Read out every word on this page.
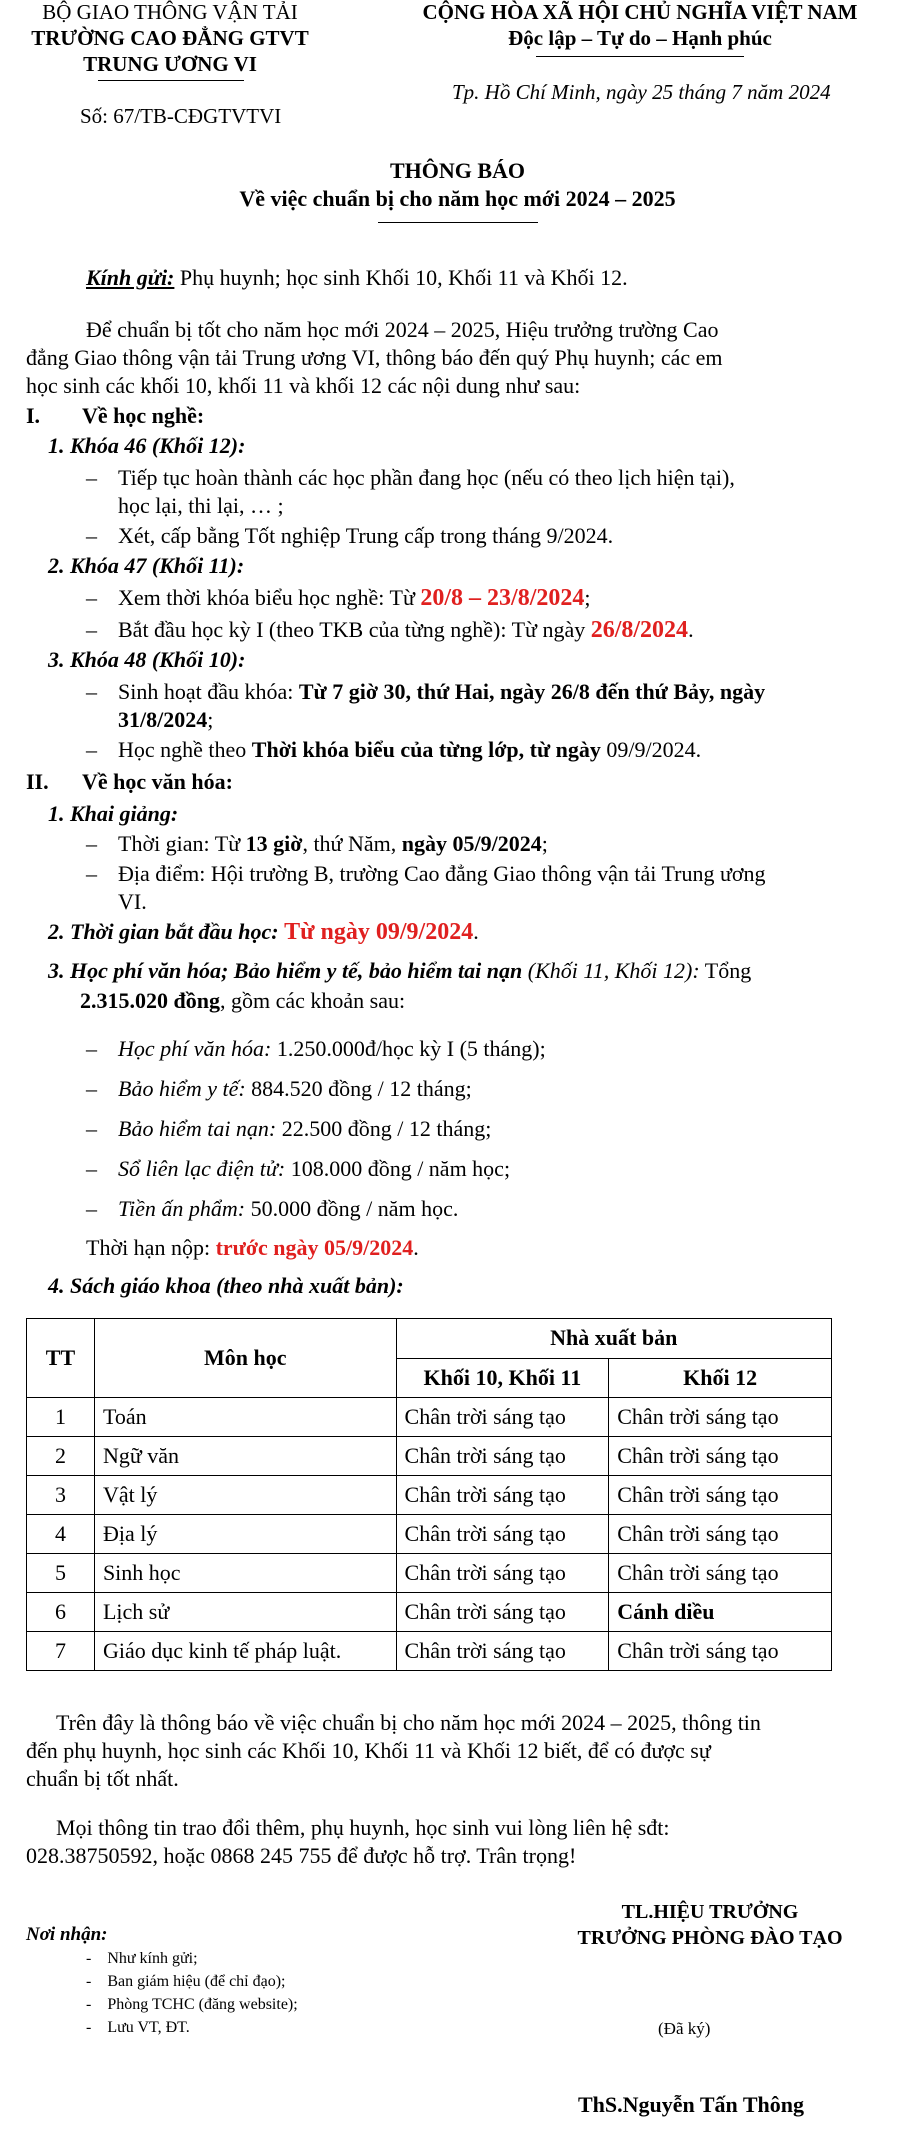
BỘ GIAO THÔNG VẬN TẢI
TRƯỜNG CAO ĐẲNG GTVT
TRUNG ƯƠNG VI
Số: 67/TB-CĐGTVTVI
CỘNG HÒA XÃ HỘI CHỦ NGHĨA VIỆT NAM
Độc lập – Tự do – Hạnh phúc
Tp. Hồ Chí Minh, ngày 25 tháng 7 năm 2024
THÔNG BÁO
Về việc chuẩn bị cho năm học mới 2024 – 2025
Kính gửi: Phụ huynh; học sinh Khối 10, Khối 11 và Khối 12.
Để chuẩn bị tốt cho năm học mới 2024 – 2025, Hiệu trưởng trường Cao
đẳng Giao thông vận tải Trung ương VI, thông báo đến quý Phụ huynh; các em
học sinh các khối 10, khối 11 và khối 12 các nội dung như sau:
I. Về học nghề:
1. Khóa 46 (Khối 12):
– Tiếp tục hoàn thành các học phần đang học (nếu có theo lịch hiện tại),
học lại, thi lại, … ;
– Xét, cấp bằng Tốt nghiệp Trung cấp trong tháng 9/2024.
2. Khóa 47 (Khối 11):
– Xem thời khóa biểu học nghề: Từ 20/8 – 23/8/2024;
– Bắt đầu học kỳ I (theo TKB của từng nghề): Từ ngày 26/8/2024.
3. Khóa 48 (Khối 10):
– Sinh hoạt đầu khóa: Từ 7 giờ 30, thứ Hai, ngày 26/8 đến thứ Bảy, ngày
31/8/2024;
– Học nghề theo Thời khóa biểu của từng lớp, từ ngày 09/9/2024.
II. Về học văn hóa:
1. Khai giảng:
– Thời gian: Từ 13 giờ, thứ Năm, ngày 05/9/2024;
– Địa điểm: Hội trường B, trường Cao đẳng Giao thông vận tải Trung ương
VI.
2. Thời gian bắt đầu học: Từ ngày 09/9/2024.
3. Học phí văn hóa; Bảo hiểm y tế, bảo hiểm tai nạn (Khối 11, Khối 12): Tổng
2.315.020 đồng, gồm các khoản sau:
– Học phí văn hóa: 1.250.000đ/học kỳ I (5 tháng);
– Bảo hiểm y tế: 884.520 đồng / 12 tháng;
– Bảo hiểm tai nạn: 22.500 đồng / 12 tháng;
– Sổ liên lạc điện tử: 108.000 đồng / năm học;
– Tiền ấn phẩm: 50.000 đồng / năm học.
Thời hạn nộp: trước ngày 05/9/2024.
4. Sách giáo khoa (theo nhà xuất bản):
TT	Môn học	Nhà xuất bản	
		Khối 10, Khối 11	Khối 12
1	Toán	Chân trời sáng tạo	Chân trời sáng tạo
2	Ngữ văn	Chân trời sáng tạo	Chân trời sáng tạo
3	Vật lý	Chân trời sáng tạo	Chân trời sáng tạo
4	Địa lý	Chân trời sáng tạo	Chân trời sáng tạo
5	Sinh học	Chân trời sáng tạo	Chân trời sáng tạo
6	Lịch sử	Chân trời sáng tạo	Cánh diều
7	Giáo dục kinh tế pháp luật.	Chân trời sáng tạo	Chân trời sáng tạo
Trên đây là thông báo về việc chuẩn bị cho năm học mới 2024 – 2025, thông tin
đến phụ huynh, học sinh các Khối 10, Khối 11 và Khối 12 biết, để có được sự
chuẩn bị tốt nhất.
Mọi thông tin trao đổi thêm, phụ huynh, học sinh vui lòng liên hệ sđt:
028.38750592, hoặc 0868 245 755 để được hỗ trợ. Trân trọng!
Nơi nhận:
-    Như kính gửi;
-    Ban giám hiệu (để chỉ đạo);
-    Phòng TCHC (đăng website);
-    Lưu VT, ĐT.
TL.HIỆU TRƯỞNG
TRƯỞNG PHÒNG ĐÀO TẠO
(Đã ký)
ThS.Nguyễn Tấn Thông
